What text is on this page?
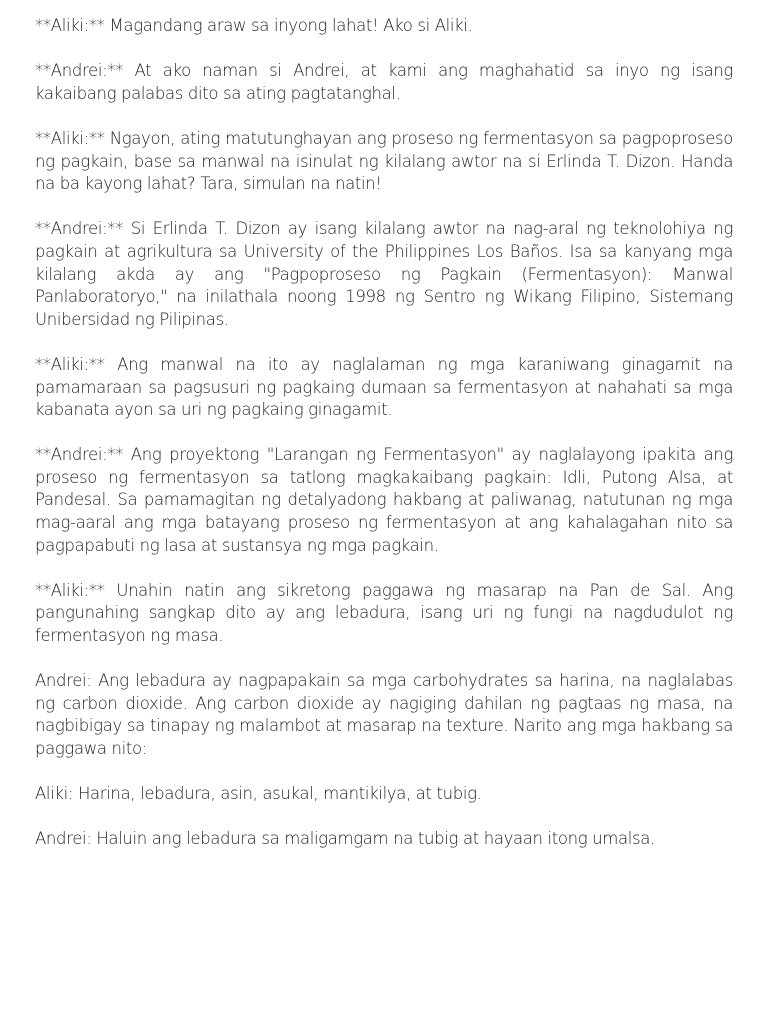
**Aliki:** Magandang araw sa inyong lahat! Ako si Aliki.

**Andrei:** At ako naman si Andrei, at kami ang maghahatid sa inyo ng isang kakaibang palabas dito sa ating pagtatanghal.

**Aliki:** Ngayon, ating matutunghayan ang proseso ng fermentasyon sa pagpoproseso ng pagkain, base sa manwal na isinulat ng kilalang awtor na si Erlinda T. Dizon. Handa na ba kayong lahat? Tara, simulan na natin!

**Andrei:** Si Erlinda T. Dizon ay isang kilalang awtor na nag-aral ng teknolohiya ng pagkain at agrikultura sa University of the Philippines Los Baños. Isa sa kanyang mga kilalang akda ay ang "Pagpoproseso ng Pagkain (Fermentasyon): Manwal Panlaboratoryo," na inilathala noong 1998 ng Sentro ng Wikang Filipino, Sistemang Unibersidad ng Pilipinas.

**Aliki:** Ang manwal na ito ay naglalaman ng mga karaniwang ginagamit na pamamaraan sa pagsusuri ng pagkaing dumaan sa fermentasyon at nahahati sa mga kabanata ayon sa uri ng pagkaing ginagamit.

**Andrei:** Ang proyektong "Larangan ng Fermentasyon" ay naglalayong ipakita ang proseso ng fermentasyon sa tatlong magkakaibang pagkain: Idli, Putong Alsa, at Pandesal. Sa pamamagitan ng detalyadong hakbang at paliwanag, natutunan ng mga mag-aaral ang mga batayang proseso ng fermentasyon at ang kahalagahan nito sa pagpapabuti ng lasa at sustansya ng mga pagkain.

**Aliki:** Unahin natin ang sikretong paggawa ng masarap na Pan de Sal. Ang pangunahing sangkap dito ay ang lebadura, isang uri ng fungi na nagdudulot ng fermentasyon ng masa.

Andrei: Ang lebadura ay nagpapakain sa mga carbohydrates sa harina, na naglalabas ng carbon dioxide. Ang carbon dioxide ay nagiging dahilan ng pagtaas ng masa, na nagbibigay sa tinapay ng malambot at masarap na texture. Narito ang mga hakbang sa paggawa nito:

Aliki: Harina, lebadura, asin, asukal, mantikilya, at tubig.

Andrei: Haluin ang lebadura sa maligamgam na tubig at hayaan itong umalsa.
